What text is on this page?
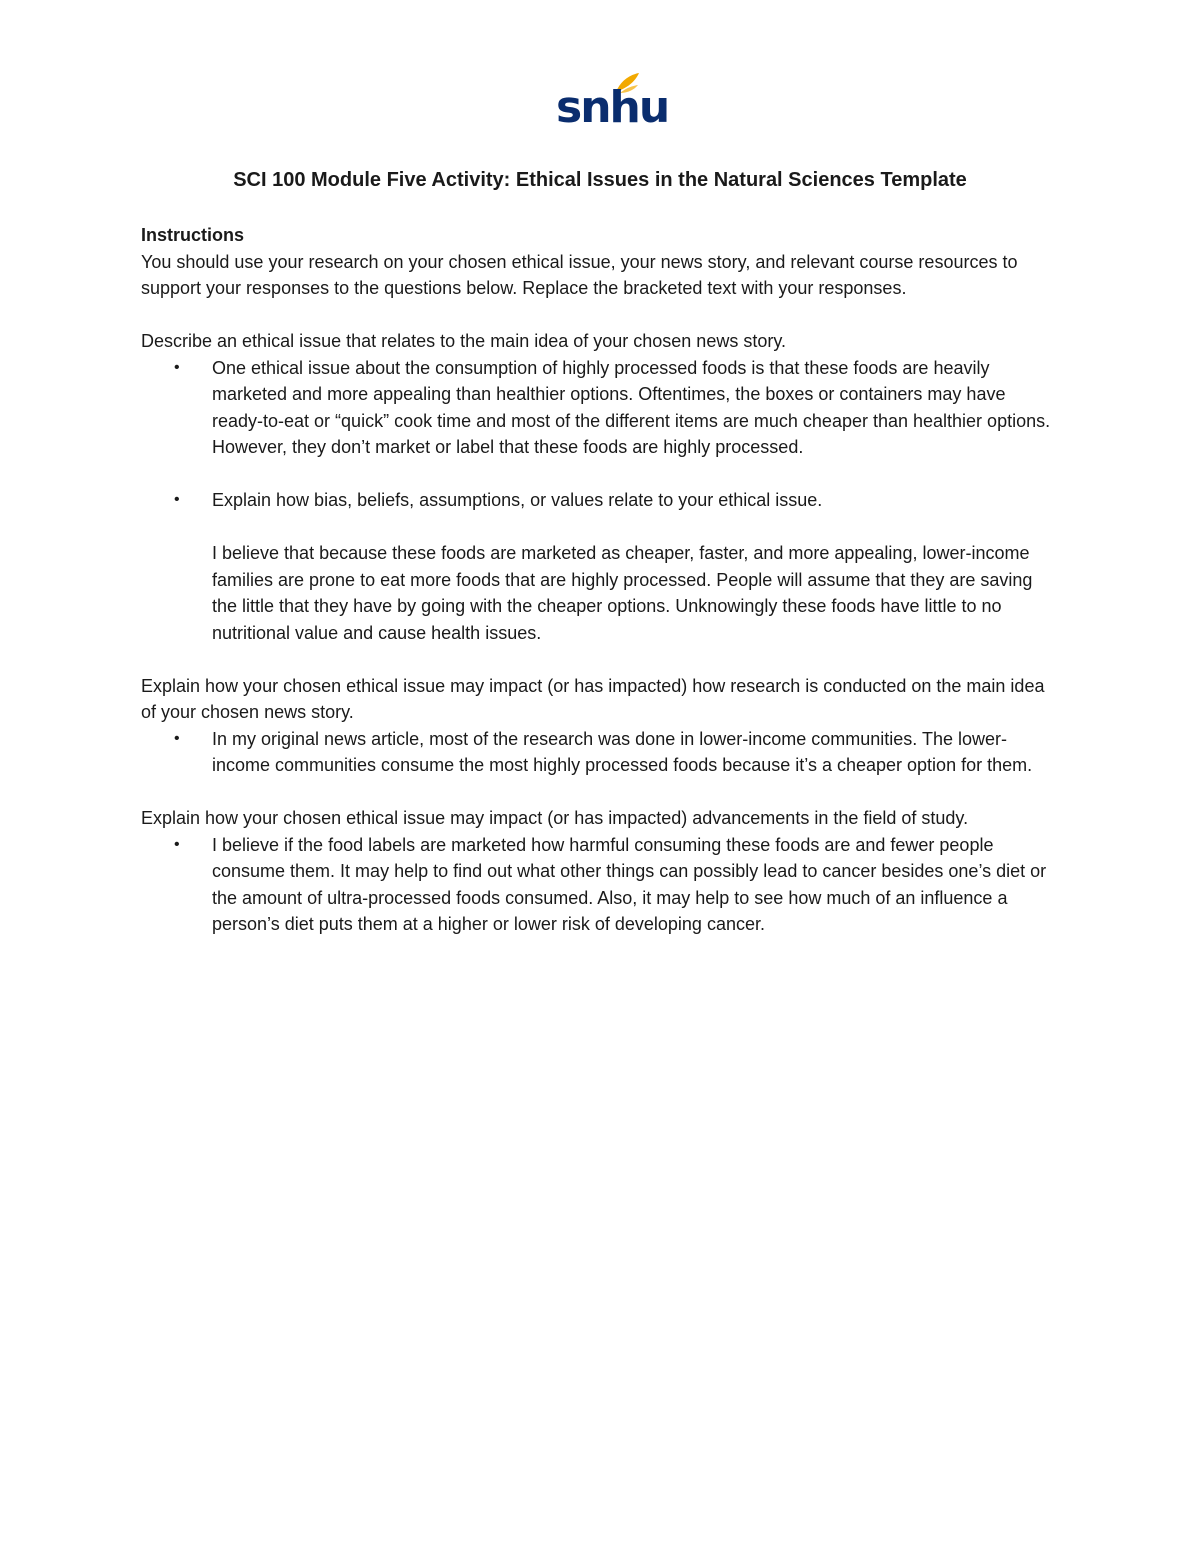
snhu
SCI 100 Module Five Activity: Ethical Issues in the Natural Sciences Template

Instructions

You should use your research on your chosen ethical issue, your news story, and relevant course resources to support your responses to the questions below. Replace the bracketed text with your responses.

Describe an ethical issue that relates to the main idea of your chosen news story.

• One ethical issue about the consumption of highly processed foods is that these foods are heavily marketed and more appealing than healthier options. Oftentimes, the boxes or containers may have ready-to-eat or “quick” cook time and most of the different items are much cheaper than healthier options. However, they don’t market or label that these foods are highly processed.

• Explain how bias, beliefs, assumptions, or values relate to your ethical issue.

I believe that because these foods are marketed as cheaper, faster, and more appealing, lower-income families are prone to eat more foods that are highly processed. People will assume that they are saving the little that they have by going with the cheaper options. Unknowingly these foods have little to no nutritional value and cause health issues.

Explain how your chosen ethical issue may impact (or has impacted) how research is conducted on the main idea of your chosen news story.

• In my original news article, most of the research was done in lower-income communities. The lower-income communities consume the most highly processed foods because it’s a cheaper option for them.

Explain how your chosen ethical issue may impact (or has impacted) advancements in the field of study.

• I believe if the food labels are marketed how harmful consuming these foods are and fewer people consume them. It may help to find out what other things can possibly lead to cancer besides one’s diet or the amount of ultra-processed foods consumed. Also, it may help to see how much of an influence a person’s diet puts them at a higher or lower risk of developing cancer.
